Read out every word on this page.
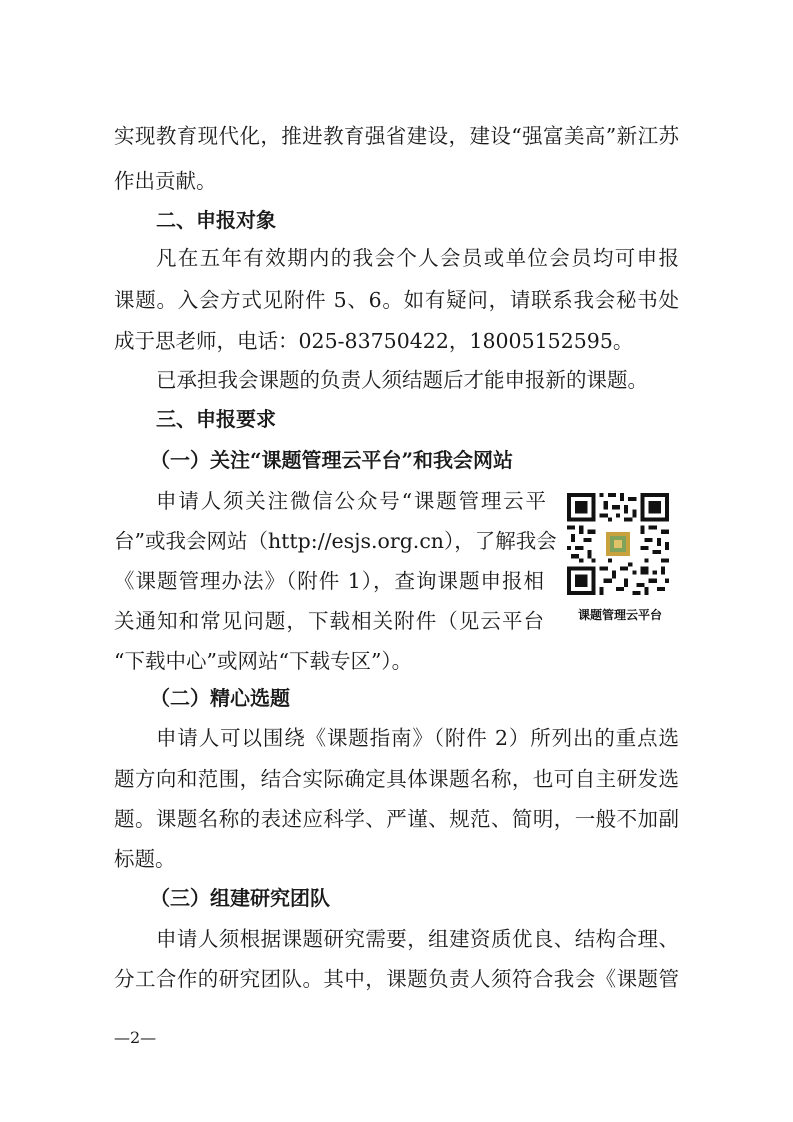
实现教育现代化，推进教育强省建设，建设“强富美高”新江苏
作出贡献。
二、申报对象
凡在五年有效期内的我会个人会员或单位会员均可申报
课题。入会方式见附件 5、6。如有疑问，请联系我会秘书处
成于思老师，电话：025-83750422，18005152595。
已承担我会课题的负责人须结题后才能申报新的课题。
三、申报要求
（一）关注“课题管理云平台”和我会网站
申请人须关注微信公众号“课题管理云平
台”或我会网站（http://esjs.org.cn），了解我会
《课题管理办法》（附件 1），查询课题申报相
关通知和常见问题，下载相关附件（见云平台
“下载中心”或网站“下载专区”）。
课题管理云平台
（二）精心选题
申请人可以围绕《课题指南》（附件 2）所列出的重点选
题方向和范围，结合实际确定具体课题名称，也可自主研发选
题。课题名称的表述应科学、严谨、规范、简明，一般不加副
标题。
（三）组建研究团队
申请人须根据课题研究需要，组建资质优良、结构合理、
分工合作的研究团队。其中，课题负责人须符合我会《课题管
—2—
